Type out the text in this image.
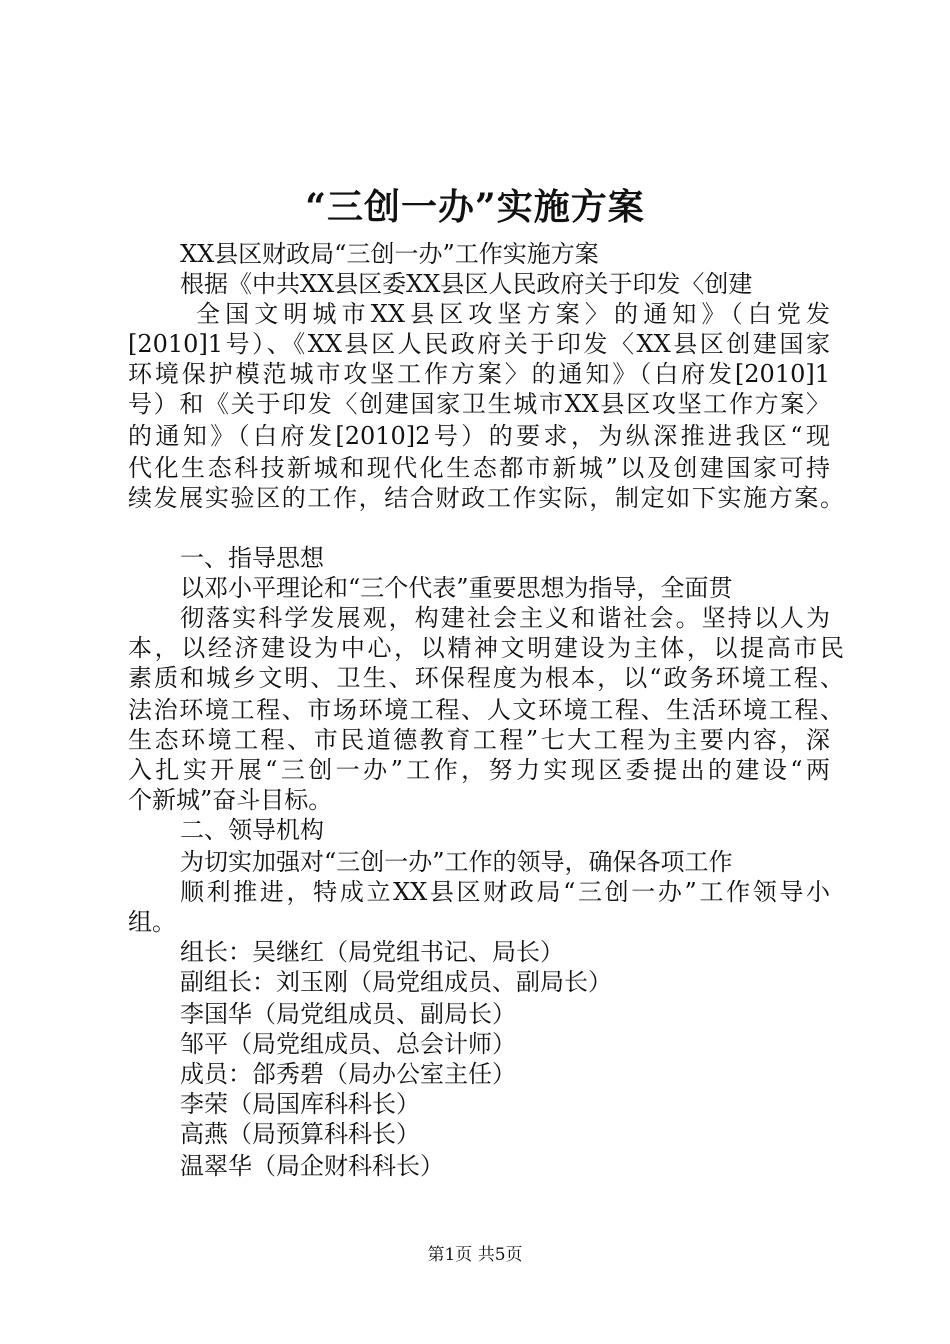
“三创一办”实施方案
XX县区财政局“三创一办”工作实施方案
根据《中共XX县区委XX县区人民政府关于印发〈创建
全国文明城市XX县区攻坚方案〉的通知》（白党发
[2010]1号）、《XX县区人民政府关于印发〈XX县区创建国家
环境保护模范城市攻坚工作方案〉的通知》（白府发[2010]1
号）和《关于印发〈创建国家卫生城市XX县区攻坚工作方案〉
的通知》（白府发[2010]2号）的要求，为纵深推进我区“现
代化生态科技新城和现代化生态都市新城”以及创建国家可持
续发展实验区的工作，结合财政工作实际，制定如下实施方案。
一、指导思想
以邓小平理论和“三个代表”重要思想为指导，全面贯
彻落实科学发展观，构建社会主义和谐社会。坚持以人为
本，以经济建设为中心，以精神文明建设为主体，以提高市民
素质和城乡文明、卫生、环保程度为根本，以“政务环境工程、
法治环境工程、市场环境工程、人文环境工程、生活环境工程、
生态环境工程、市民道德教育工程”七大工程为主要内容，深
入扎实开展“三创一办”工作，努力实现区委提出的建设“两
个新城”奋斗目标。
二、领导机构
为切实加强对“三创一办”工作的领导，确保各项工作
顺利推进，特成立XX县区财政局“三创一办”工作领导小
组。
组长：吴继红（局党组书记、局长）
副组长：刘玉刚（局党组成员、副局长）
李国华（局党组成员、副局长）
邹平（局党组成员、总会计师）
成员：郃秀碧（局办公室主任）
李荣（局国库科科长）
高燕（局预算科科长）
温翠华（局企财科科长）
第1页 共5页
